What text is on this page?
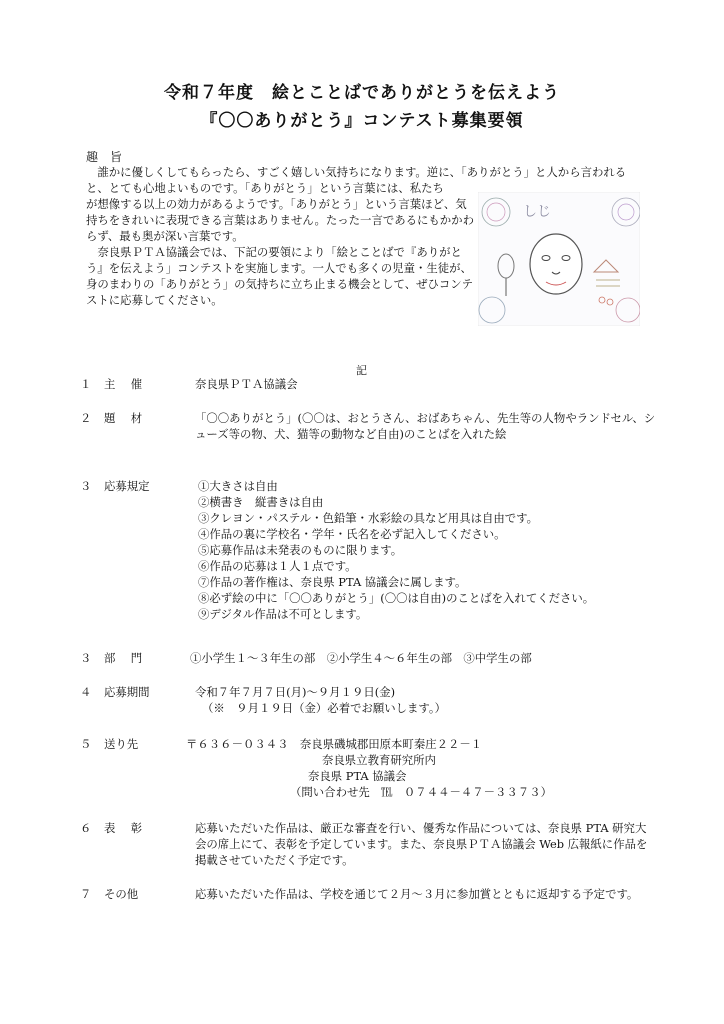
令和７年度　絵とことばでありがとうを伝えよう
『〇〇ありがとう』コンテスト募集要領
趣　旨

　誰かに優しくしてもらったら、すごく嬉しい気持ちになります。逆に、「ありがとう」と人から言われると、とても心地よいものです。「ありがとう」という言葉には、私たち

が想像する以上の効力があるようです。「ありがとう」という言葉ほど、気持ちをきれいに表現できる言葉はありません。たった一言であるにもかかわらず、最も奥が深い言葉です。

　奈良県ＰＴＡ協議会では、下記の要領により「絵とことばで『ありがとう』を伝えよう」コンテストを実施します。一人でも多くの児童・生徒が、身のまわりの「ありがとう」の気持ちに立ち止まる機会として、ぜひコンテストに応募してください。

しじ
記
１ 主　催	奈良県ＰＴＡ協議会
２ 題　材	「〇〇ありがとう」(〇〇は、おとうさん、おばあちゃん、先生等の人物やランドセル、シューズ等の物、犬、猫等の動物など自由)のことばを入れた絵
３ 応募規定	①大きさは自由
②横書き　縦書きは自由
③クレヨン・パステル・色鉛筆・水彩絵の具など用具は自由です。
④作品の裏に学校名・学年・氏名を必ず記入してください。
⑤応募作品は未発表のものに限ります。
⑥作品の応募は１人１点です。
⑦作品の著作権は、奈良県 PTA 協議会に属します。
⑧必ず絵の中に「〇〇ありがとう」(〇〇は自由)のことばを入れてください。
⑨デジタル作品は不可とします。
３ 部　門	①小学生１～３年生の部　②小学生４～６年生の部　③中学生の部
４ 応募期間	令和７年７月７日(月)～９月１９日(金)
（※　９月１９日（金）必着でお願いします。）
５ 送り先	〒６３６－０３４３　奈良県磯城郡田原本町秦庄２２－１
奈良県立教育研究所内
奈良県 PTA 協議会
（問い合わせ先　℡　０７４４－４７－３３７３）
６ 表　彰	応募いただいた作品は、厳正な審査を行い、優秀な作品については、奈良県 PTA 研究大会の席上にて、表彰を予定しています。また、奈良県ＰＴＡ協議会 Web 広報紙に作品を掲載させていただく予定です。
７ その他	応募いただいた作品は、学校を通じて２月～３月に参加賞とともに返却する予定です。
